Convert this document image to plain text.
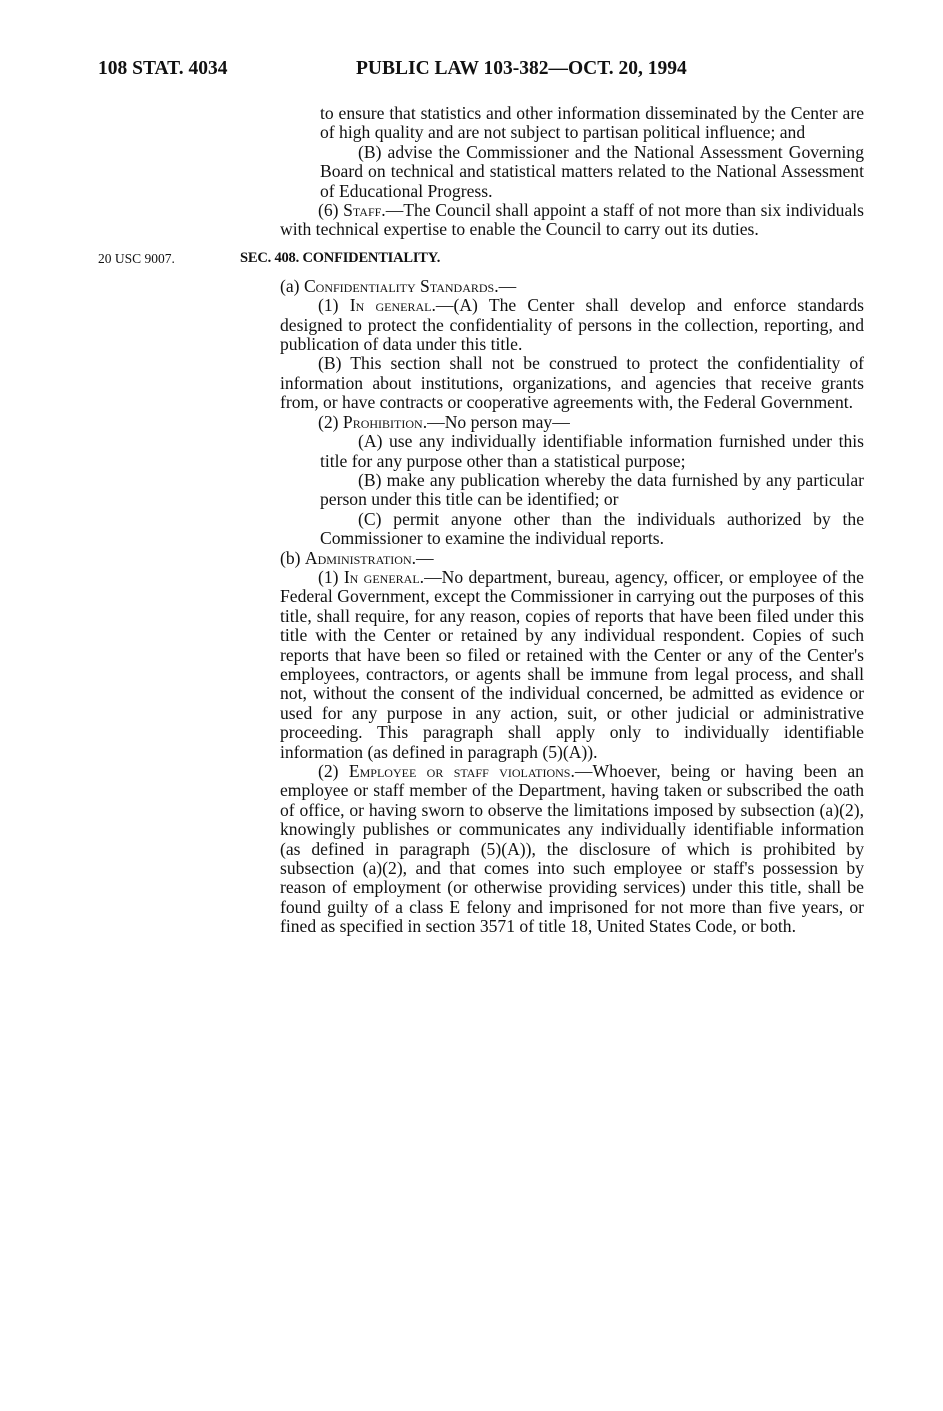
108 STAT. 4034	PUBLIC LAW 103-382—OCT. 20, 1994

to ensure that statistics and other information disseminated by the Center are of high quality and are not subject to partisan political influence; and

(B) advise the Commissioner and the National Assessment Governing Board on technical and statistical matters related to the National Assessment of Educational Progress.

(6) Staff.—The Council shall appoint a staff of not more than six individuals with technical expertise to enable the Council to carry out its duties.

20 USC 9007.	SEC. 408. CONFIDENTIALITY.

(a) Confidentiality Standards.—

(1) In general.—(A) The Center shall develop and enforce standards designed to protect the confidentiality of persons in the collection, reporting, and publication of data under this title.

(B) This section shall not be construed to protect the confidentiality of information about institutions, organizations, and agencies that receive grants from, or have contracts or cooperative agreements with, the Federal Government.

(2) Prohibition.—No person may—

(A) use any individually identifiable information furnished under this title for any purpose other than a statistical purpose;

(B) make any publication whereby the data furnished by any particular person under this title can be identified; or

(C) permit anyone other than the individuals authorized by the Commissioner to examine the individual reports.

(b) Administration.—

(1) In general.—No department, bureau, agency, officer, or employee of the Federal Government, except the Commissioner in carrying out the purposes of this title, shall require, for any reason, copies of reports that have been filed under this title with the Center or retained by any individual respondent. Copies of such reports that have been so filed or retained with the Center or any of the Center's employees, contractors, or agents shall be immune from legal process, and shall not, without the consent of the individual concerned, be admitted as evidence or used for any purpose in any action, suit, or other judicial or administrative proceeding. This paragraph shall apply only to individually identifiable information (as defined in paragraph (5)(A)).

(2) Employee or staff violations.—Whoever, being or having been an employee or staff member of the Department, having taken or subscribed the oath of office, or having sworn to observe the limitations imposed by subsection (a)(2), knowingly publishes or communicates any individually identifiable information (as defined in paragraph (5)(A)), the disclosure of which is prohibited by subsection (a)(2), and that comes into such employee or staff's possession by reason of employment (or otherwise providing services) under this title, shall be found guilty of a class E felony and imprisoned for not more than five years, or fined as specified in section 3571 of title 18, United States Code, or both.
